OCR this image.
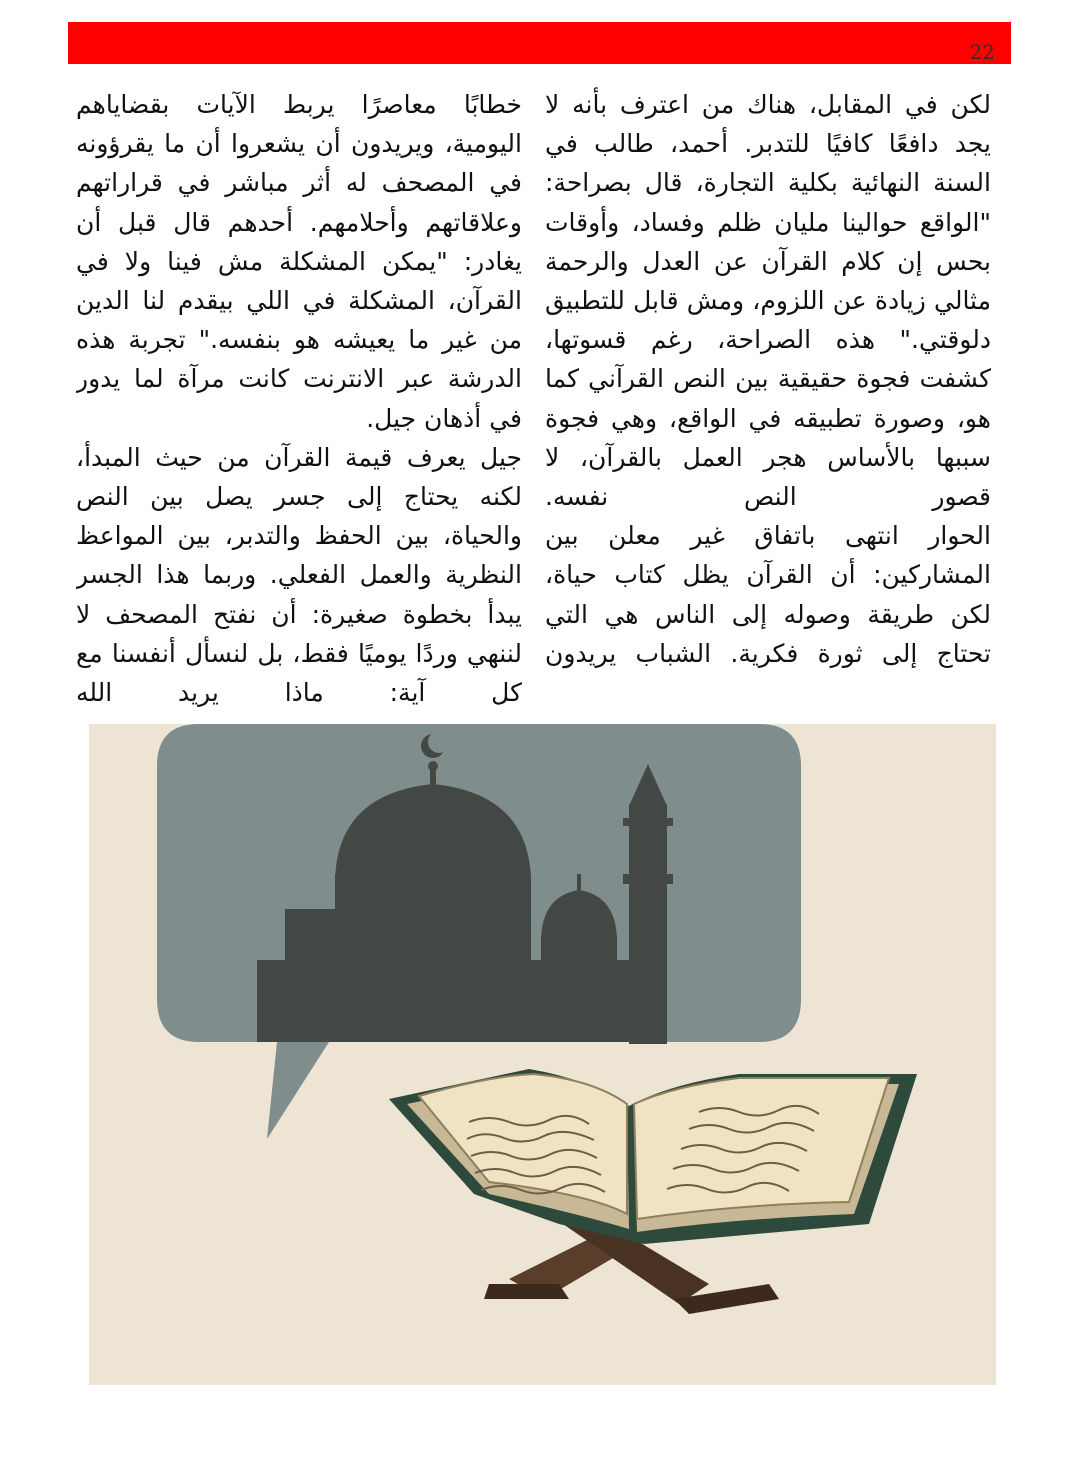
22

لكن في المقابل، هناك من اعترف بأنه لا يجد دافعًا كافيًا للتدبر. أحمد، طالب في السنة النهائية بكلية التجارة، قال بصراحة: "الواقع حوالينا مليان ظلم وفساد، وأوقات بحس إن كلام القرآن عن العدل والرحمة مثالي زيادة عن اللزوم، ومش قابل للتطبيق دلوقتي." هذه الصراحة، رغم قسوتها، كشفت فجوة حقيقية بين النص القرآني كما هو، وصورة تطبيقه في الواقع، وهي فجوة سببها بالأساس هجر العمل بالقرآن، لا قصور النص نفسه.

الحوار انتهى باتفاق غير معلن بين المشاركين: أن القرآن يظل كتاب حياة، لكن طريقة وصوله إلى الناس هي التي تحتاج إلى ثورة فكرية. الشباب يريدون

خطابًا معاصرًا يربط الآيات بقضاياهم اليومية، ويريدون أن يشعروا أن ما يقرؤونه في المصحف له أثر مباشر في قراراتهم وعلاقاتهم وأحلامهم. أحدهم قال قبل أن يغادر: "يمكن المشكلة مش فينا ولا في القرآن، المشكلة في اللي بيقدم لنا الدين من غير ما يعيشه هو بنفسه." تجربة هذه الدرشة عبر الانترنت كانت مرآة لما يدور في أذهان جيل.

جيل يعرف قيمة القرآن من حيث المبدأ، لكنه يحتاج إلى جسر يصل بين النص والحياة، بين الحفظ والتدبر، بين المواعظ النظرية والعمل الفعلي. وربما هذا الجسر يبدأ بخطوة صغيرة: أن نفتح المصحف لا لننهي وردًا يوميًا فقط، بل لنسأل أنفسنا مع كل آية: ماذا يريد الله
